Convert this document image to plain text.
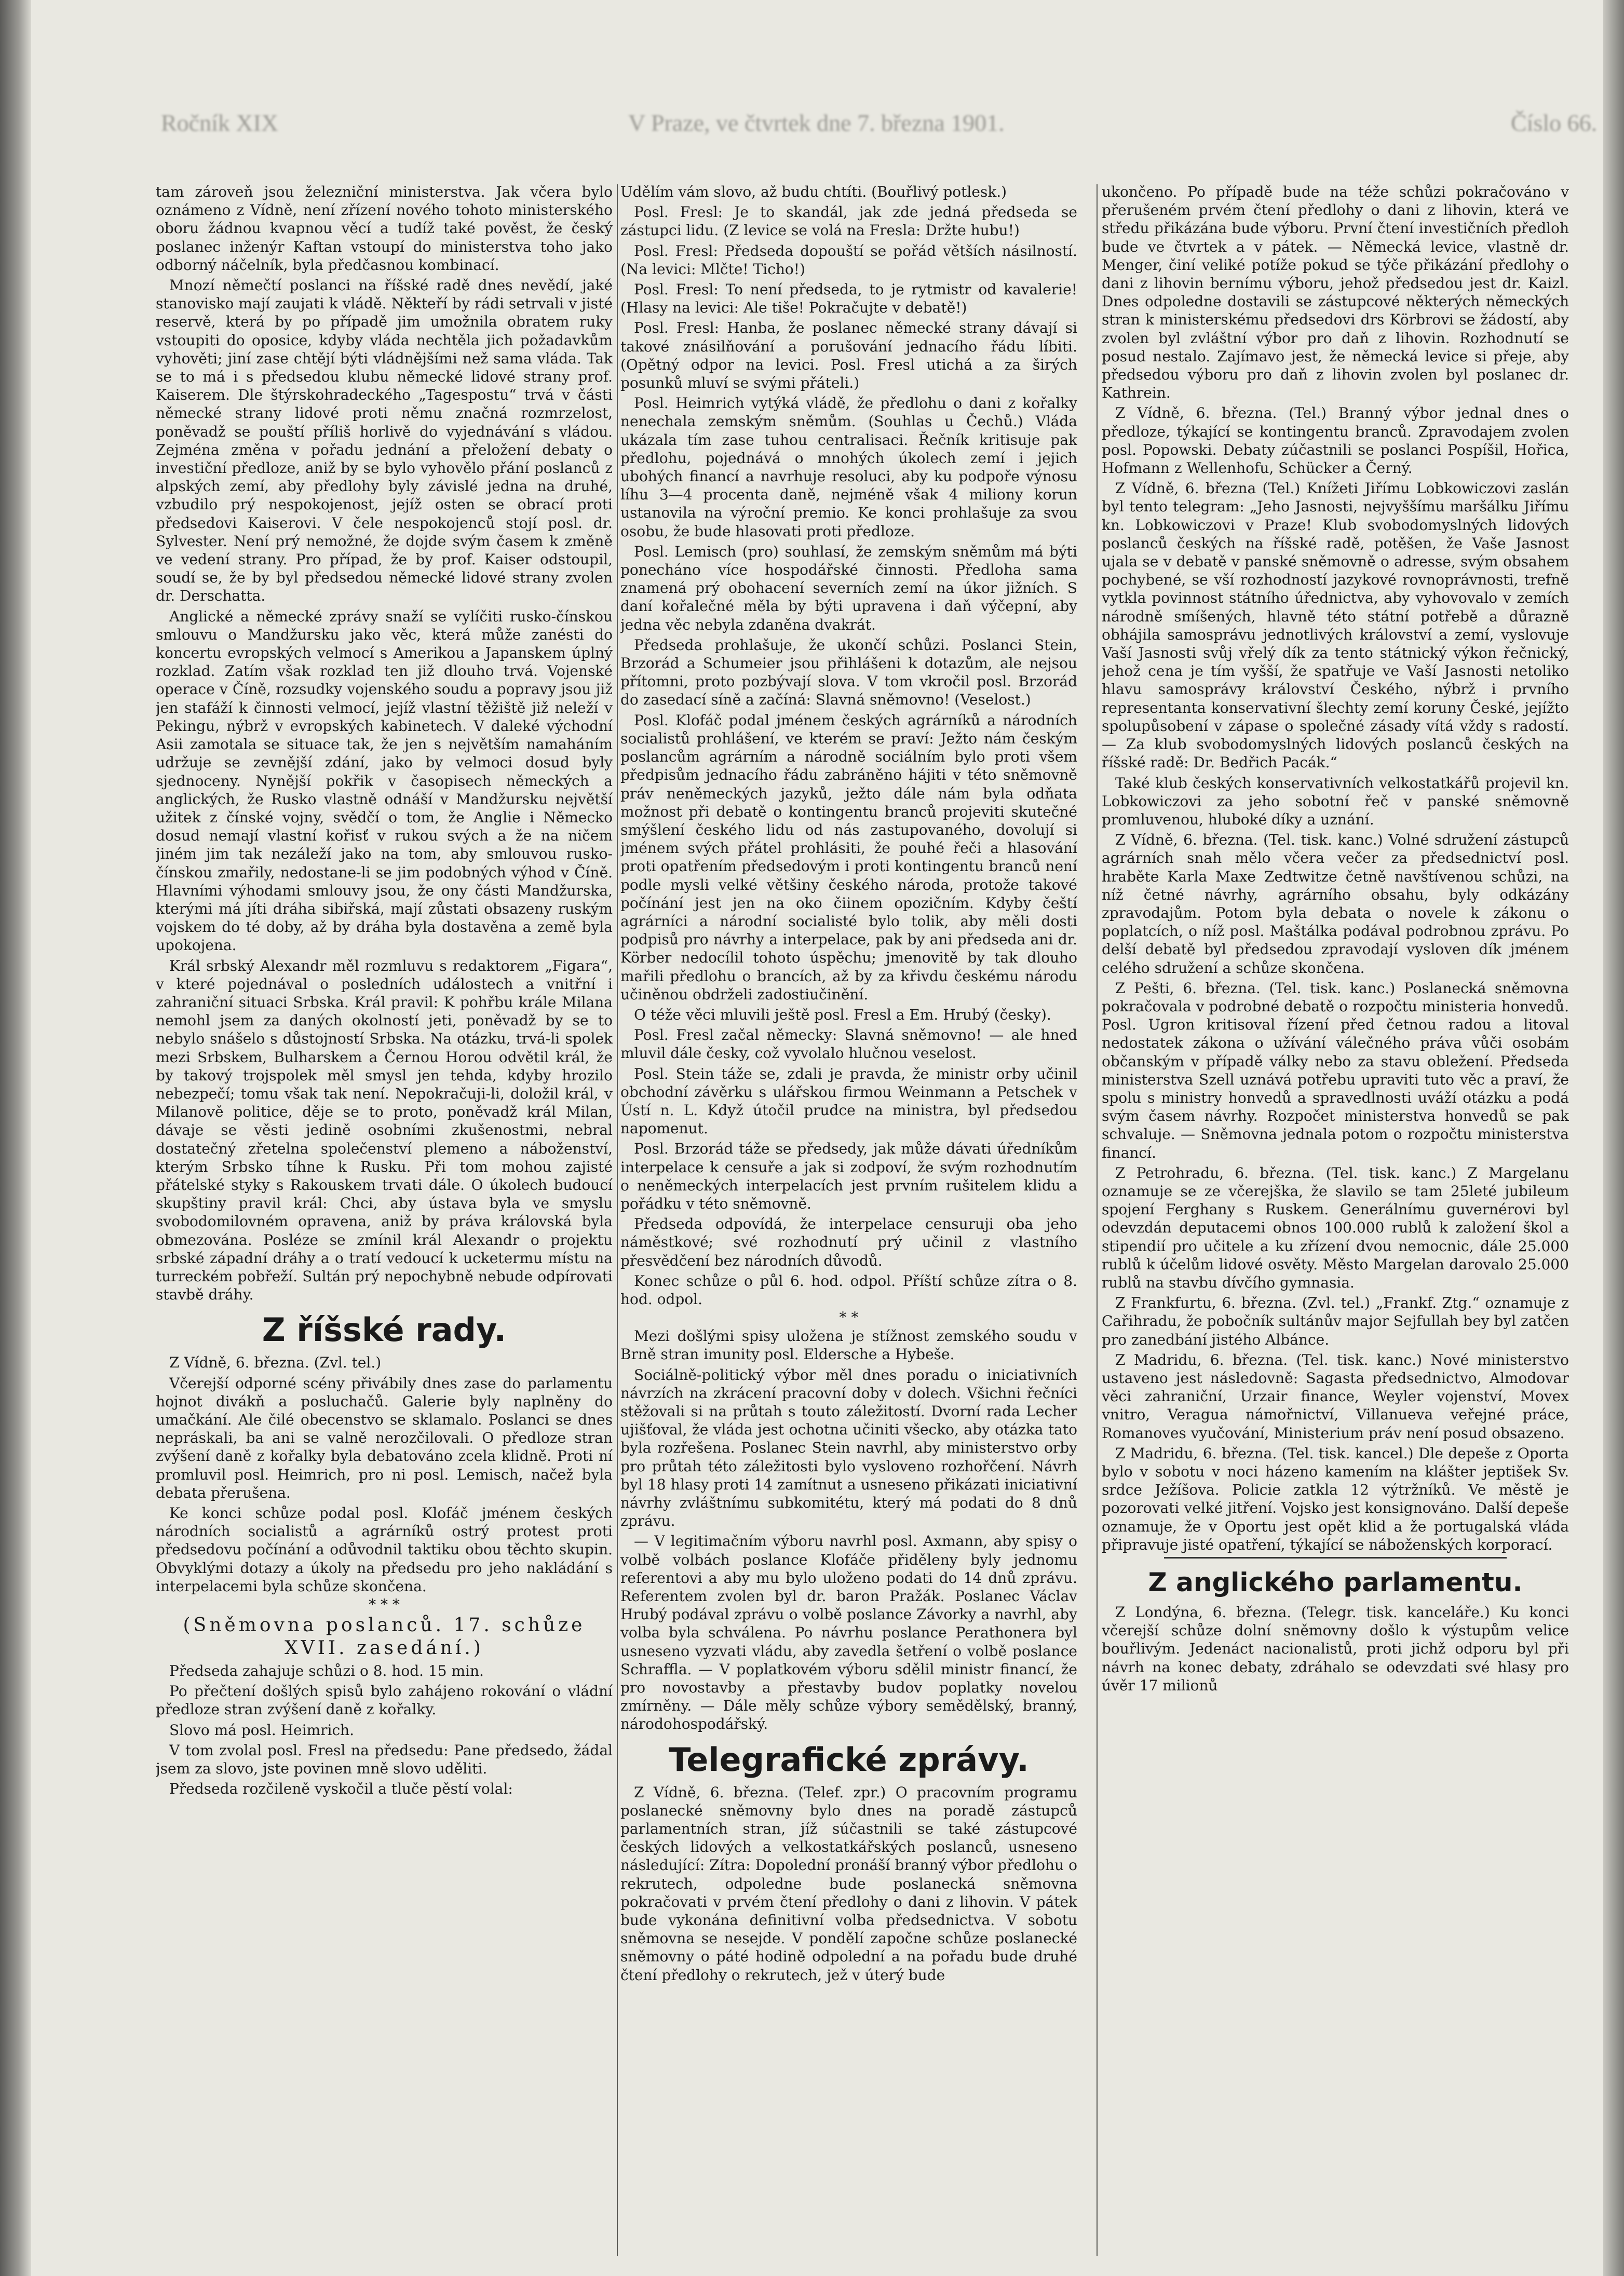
Ročník XIX	V Praze, ve čtvrtek dne 7. března 1901.	Číslo 66.

tam zároveň jsou železniční ministerstva. Jak včera bylo oznámeno z Vídně, není zřízení nového tohoto ministerského oboru žádnou kvapnou věcí a tudíž také pověst, že český poslanec inženýr Kaftan vstoupí do ministerstva toho jako odborný náčelník, byla předčasnou kombinací.

Mnozí němečtí poslanci na říšské radě dnes nevědí, jaké stanovisko mají zaujati k vládě. Někteří by rádi setrvali v jisté reservě, která by po případě jim umožnila obratem ruky vstoupiti do oposice, kdyby vláda nechtěla jich požadavkům vyhověti; jiní zase chtějí býti vládnějšími než sama vláda. Tak se to má i s předsedou klubu německé lidové strany prof. Kaiserem. Dle štýrskohradeckého „Tagespostu“ trvá v části německé strany lidové proti němu značná rozmrzelost, poněvadž se pouští příliš horlivě do vyjednávání s vládou. Zejména změna v pořadu jednání a přeložení debaty o investiční předloze, aniž by se bylo vyhovělo přání poslanců z alpských zemí, aby předlohy byly závislé jedna na druhé, vzbudilo prý nespokojenost, jejíž osten se obrací proti předsedovi Kaiserovi. V čele nespokojenců stojí posl. dr. Sylvester. Není prý nemožné, že dojde svým časem k změně ve vedení strany. Pro případ, že by prof. Kaiser odstoupil, soudí se, že by byl předsedou německé lidové strany zvolen dr. Derschatta.

Anglické a německé zprávy snaží se vylíčiti rusko-čínskou smlouvu o Mandžursku jako věc, která může zanésti do koncertu evropských velmocí s Amerikou a Japanskem úplný rozklad. Zatím však rozklad ten již dlouho trvá. Vojenské operace v Číně, rozsudky vojenského soudu a popravy jsou již jen stafáží k činnosti velmocí, jejíž vlastní těžiště již neleží v Pekingu, nýbrž v evropských kabinetech. V daleké východní Asii zamotala se situace tak, že jen s největším namaháním udržuje se zevnější zdání, jako by velmoci dosud byly sjednoceny. Nynější pokřik v časopisech německých a anglických, že Rusko vlastně odnáší v Mandžursku největší užitek z čínské vojny, svědčí o tom, že Anglie i Německo dosud nemají vlastní kořisť v rukou svých a že na ničem jiném jim tak nezáleží jako na tom, aby smlouvou rusko-čínskou zmařily, nedostane-li se jim podobných výhod v Číně. Hlavními výhodami smlouvy jsou, že ony části Mandžurska, kterými má jíti dráha sibiřská, mají zůstati obsazeny ruským vojskem do té doby, až by dráha byla dostavěna a země byla upokojena.

Král srbský Alexandr měl rozmluvu s redaktorem „Figara“, v které pojednával o posledních událostech a vnitřní i zahraniční situaci Srbska. Král pravil: K pohřbu krále Milana nemohl jsem za daných okolností jeti, poněvadž by se to nebylo snášelo s důstojností Srbska. Na otázku, trvá-li spolek mezi Srbskem, Bulharskem a Černou Horou odvětil král, že by takový trojspolek měl smysl jen tehda, kdyby hrozilo nebezpečí; tomu však tak není. Nepokračuji-li, doložil král, v Milanově politice, děje se to proto, poněvadž král Milan, dávaje se věsti jedině osobními zkušenostmi, nebral dostatečný zřetelna společenství plemeno a náboženství, kterým Srbsko tíhne k Rusku. Při tom mohou zajisté přátelské styky s Rakouskem trvati dále. O úkolech budoucí skupštiny pravil král: Chci, aby ústava byla ve smyslu svobodomilovném opravena, aniž by práva královská byla obmezována. Posléze se zmínil král Alexandr o projektu srbské západní dráhy a o tratí vedoucí k ucketermu místu na turreckém pobřeží. Sultán prý nepochybně nebude odpírovati stavbě dráhy.

Z říšské rady.

Z Vídně, 6. března. (Zvl. tel.)

Včerejší odporné scény přivábily dnes zase do parlamentu hojnot divákň a posluchačů. Galerie byly naplněny do umačkání. Ale čilé obecenstvo se sklamalo. Poslanci se dnes nepráskali, ba ani se valně nerozčilovali. O předloze stran zvýšení daně z kořalky byla debatováno zcela klidně. Proti ní promluvil posl. Heimrich, pro ni posl. Lemisch, načež byla debata přerušena.

Ke konci schůze podal posl. Klofáč jménem českých národních socialistů a agrárníků ostrý protest proti předsedovu počínání a odůvodnil taktiku obou těchto skupin. Obvyklými dotazy a úkoly na předsedu pro jeho nakládání s interpelacemi byla schůze skončena.

* * *

(Sněmovna poslanců. 17. schůze XVII. zasedání.)

Předseda zahajuje schůzi o 8. hod. 15 min.

Po přečtení došlých spisů bylo zahájeno rokování o vládní předloze stran zvýšení daně z kořalky.

Slovo má posl. Heimrich.

V tom zvolal posl. Fresl na předsedu: Pane předsedo, žádal jsem za slovo, jste povinen mně slovo uděliti.

Předseda rozčileně vyskočil a tluče pěstí volal:

Udělím vám slovo, až budu chtíti. (Bouřlivý potlesk.)

Posl. Fresl: Je to skandál, jak zde jedná předseda se zástupci lidu. (Z levice se volá na Fresla: Držte hubu!)

Posl. Fresl: Předseda dopouští se pořád větších násilností. (Na levici: Mlčte! Ticho!)

Posl. Fresl: To není předseda, to je rytmistr od kavalerie! (Hlasy na levici: Ale tiše! Pokračujte v debatě!)

Posl. Fresl: Hanba, že poslanec německé strany dávají si takové znásilňování a porušování jednacího řádu líbiti. (Opětný odpor na levici. Posl. Fresl utichá a za širých posunků mluví se svými přáteli.)

Posl. Heimrich vytýká vládě, že předlohu o dani z kořalky nenechala zemským sněmům. (Souhlas u Čechů.) Vláda ukázala tím zase tuhou centralisaci. Řečník kritisuje pak předlohu, pojednává o mnohých úkolech zemí i jejich ubohých financí a navrhuje resoluci, aby ku podpoře výnosu líhu 3—4 procenta daně, nejméně však 4 miliony korun ustanovila na výroční premio. Ke konci prohlašuje za svou osobu, že bude hlasovati proti předloze.

Posl. Lemisch (pro) souhlasí, že zemským sněmům má býti ponecháno více hospodářské činnosti. Předloha sama znamená prý obohacení severních zemí na úkor jižních. S daní kořalečné měla by býti upravena i daň výčepní, aby jedna věc nebyla zdaněna dvakrát.

Předseda prohlašuje, že ukončí schůzi. Poslanci Stein, Brzorád a Schumeier jsou přihlášeni k dotazům, ale nejsou přítomni, proto pozbývají slova. V tom vkročil posl. Brzorád do zasedací síně a začíná: Slavná sněmovno! (Veselost.)

Posl. Klofáč podal jménem českých agrárníků a národních socialistů prohlášení, ve kterém se praví: Ježto nám českým poslancům agrárním a národně sociálním bylo proti všem předpisům jednacího řádu zabráněno hájiti v této sněmovně práv neněmeckých jazyků, ježto dále nám byla odňata možnost při debatě o kontingentu branců projeviti skutečné smýšlení českého lidu od nás zastupovaného, dovolují si jménem svých přátel prohlásiti, že pouhé řeči a hlasování proti opatřením předsedovým i proti kontingentu branců není podle mysli velké většiny českého národa, protože takové počínání jest jen na oko čiinem opozičním. Kdyby čeští agrárníci a národní socialisté bylo tolik, aby měli dosti podpisů pro návrhy a interpelace, pak by ani předseda ani dr. Körber nedocílil tohoto úspěchu; jmenovitě by tak dlouho mařili předlohu o brancích, až by za křivdu českému národu učiněnou obdrželi zadostiučinění.

O téže věci mluvili ještě posl. Fresl a Em. Hrubý (česky).

Posl. Fresl začal německy: Slavná sněmovno! — ale hned mluvil dále česky, což vyvolalo hlučnou veselost.

Posl. Stein táže se, zdali je pravda, že ministr orby učinil obchodní závěrku s ulářskou firmou Weinmann a Petschek v Ústí n. L. Když útočil prudce na ministra, byl předsedou napomenut.

Posl. Brzorád táže se předsedy, jak může dávati úředníkům interpelace k censuře a jak si zodpoví, že svým rozhodnutím o neněmeckých interpelacích jest prvním rušitelem klidu a pořádku v této sněmovně.

Předseda odpovídá, že interpelace censuruji oba jeho náměstkové; své rozhodnutí prý učinil z vlastního přesvědčení bez národních důvodů.

Konec schůze o půl 6. hod. odpol. Příští schůze zítra o 8. hod. odpol.

* *

Mezi došlými spisy uložena je stížnost zemského soudu v Brně stran imunity posl. Eldersche a Hybeše.

Sociálně-politický výbor měl dnes poradu o iniciativních návrzích na zkrácení pracovní doby v dolech. Všichni řečníci stěžovali si na průtah s touto záležitostí. Dvorní rada Lecher ujišťoval, že vláda jest ochotna učiniti všecko, aby otázka tato byla rozřešena. Poslanec Stein navrhl, aby ministerstvo orby pro průtah této záležitosti bylo vysloveno rozhořčení. Návrh byl 18 hlasy proti 14 zamítnut a usneseno přikázati iniciativní návrhy zvláštnímu subkomitétu, který má podati do 8 dnů zprávu.

— V legitimačním výboru navrhl posl. Axmann, aby spisy o volbě volbách poslance Klofáče přiděleny byly jednomu referentovi a aby mu bylo uloženo podati do 14 dnů zprávu. Referentem zvolen byl dr. baron Pražák. Poslanec Václav Hrubý podával zprávu o volbě poslance Závorky a navrhl, aby volba byla schválena. Po návrhu poslance Perathonera byl usneseno vyzvati vládu, aby zavedla šetření o volbě poslance Schraffla. — V poplatkovém výboru sdělil ministr financí, že pro novostavby a přestavby budov poplatky novelou zmírněny. — Dále měly schůze výbory semědělský, branný, národohospodářský.

Telegrafické zprávy.

Z Vídně, 6. března. (Telef. zpr.) O pracovním programu poslanecké sněmovny bylo dnes na poradě zástupců parlamentních stran, jíž súčastnili se také zástupcové českých lidových a velkostatkářských poslanců, usneseno následující: Zítra: Dopolední pronáší branný výbor předlohu o rekrutech, odpoledne bude poslanecká sněmovna pokračovati v prvém čtení předlohy o dani z lihovin. V pátek bude vykonána definitivní volba předsednictva. V sobotu sněmovna se nesejde. V pondělí započne schůze poslanecké sněmovny o páté hodině odpolední a na pořadu bude druhé čtení předlohy o rekrutech, jež v úterý bude

ukončeno. Po případě bude na téže schůzi pokračováno v přerušeném prvém čtení předlohy o dani z lihovin, která ve středu přikázána bude výboru. První čtení investičních předloh bude ve čtvrtek a v pátek. — Německá levice, vlastně dr. Menger, činí veliké potíže pokud se týče přikázání předlohy o dani z lihovin bernímu výboru, jehož předsedou jest dr. Kaizl. Dnes odpoledne dostavili se zástupcové některých německých stran k ministerskému předsedovi drs Körbrovi se žádostí, aby zvolen byl zvláštní výbor pro daň z lihovin. Rozhodnutí se posud nestalo. Zajímavo jest, že německá levice si přeje, aby předsedou výboru pro daň z lihovin zvolen byl poslanec dr. Kathrein.

Z Vídně, 6. března. (Tel.) Branný výbor jednal dnes o předloze, týkající se kontingentu branců. Zpravodajem zvolen posl. Popowski. Debaty zúčastnili se poslanci Pospíšil, Hořica, Hofmann z Wellenhofu, Schücker a Černý.

Z Vídně, 6. března (Tel.) Knížeti Jiřímu Lobkowiczovi zaslán byl tento telegram: „Jeho Jasnosti, nejvyššímu maršálku Jiřímu kn. Lobkowiczovi v Praze! Klub svobodomyslných lidových poslanců českých na říšské radě, potěšen, že Vaše Jasnost ujala se v debatě v panské sněmovně o adresse, svým obsahem pochybené, se vší rozhodností jazykové rovnoprávnosti, trefně vytkla povinnost státního úřednictva, aby vyhovovalo v zemích národně smíšených, hlavně této státní potřebě a důrazně obhájila samosprávu jednotlivých království a zemí, vyslovuje Vaší Jasnosti svůj vřelý dík za tento státnický výkon řečnický, jehož cena je tím vyšší, že spatřuje ve Vaší Jasnosti netoliko hlavu samosprávy království Českého, nýbrž i prvního representanta konservativní šlechty zemí koruny České, jejížto spolupůsobení v zápase o společné zásady vítá vždy s radostí. — Za klub svobodomyslných lidových poslanců českých na říšské radě: Dr. Bedřich Pacák.“

Také klub českých konservativních velkostatkářů projevil kn. Lobkowiczovi za jeho sobotní řeč v panské sněmovně promluvenou, hluboké díky a uznání.

Z Vídně, 6. března. (Tel. tisk. kanc.) Volné sdružení zástupců agrárních snah mělo včera večer za předsednictví posl. hraběte Karla Maxe Zedtwitze četně navštívenou schůzi, na níž četné návrhy, agrárního obsahu, byly odkázány zpravodajům. Potom byla debata o novele k zákonu o poplatcích, o níž posl. Maštálka podával podrobnou zprávu. Po delší debatě byl předsedou zpravodají vysloven dík jménem celého sdružení a schůze skončena.

Z Pešti, 6. března. (Tel. tisk. kanc.) Poslanecká sněmovna pokračovala v podrobné debatě o rozpočtu ministeria honvedů. Posl. Ugron kritisoval řízení před četnou radou a litoval nedostatek zákona o užívání válečného práva vůči osobám občanským v případě války nebo za stavu obležení. Předseda ministerstva Szell uznává potřebu upraviti tuto věc a praví, že spolu s ministry honvedů a spravedlnosti uváží otázku a podá svým časem návrhy. Rozpočet ministerstva honvedů se pak schvaluje. — Sněmovna jednala potom o rozpočtu ministerstva financí.

Z Petrohradu, 6. března. (Tel. tisk. kanc.) Z Margelanu oznamuje se ze včerejška, že slavilo se tam 25leté jubileum spojení Ferghany s Ruskem. Generálnímu guvernérovi byl odevzdán deputacemi obnos 100.000 rublů k založení škol a stipendií pro učitele a ku zřízení dvou nemocnic, dále 25.000 rublů k účelům lidové osvěty. Město Margelan darovalo 25.000 rublů na stavbu dívčího gymnasia.

Z Frankfurtu, 6. března. (Zvl. tel.) „Frankf. Ztg.“ oznamuje z Cařihradu, že pobočník sultánův major Sejfullah bey byl zatčen pro zanedbání jistého Albánce.

Z Madridu, 6. března. (Tel. tisk. kanc.) Nové ministerstvo ustaveno jest následovně: Sagasta předsednictvo, Almodovar věci zahraniční, Urzair finance, Weyler vojenství, Movex vnitro, Veragua námořnictví, Villanueva veřejné práce, Romanoves vyučování, Ministerium práv není posud obsazeno.

Z Madridu, 6. března. (Tel. tisk. kancel.) Dle depeše z Oporta bylo v sobotu v noci házeno kamením na klášter jeptišek Sv. srdce Ježíšova. Policie zatkla 12 výtržníků. Ve městě je pozorovati velké jitření. Vojsko jest konsignováno. Další depeše oznamuje, že v Oportu jest opět klid a že portugalská vláda připravuje jisté opatření, týkající se náboženských korporací.

Z anglického parlamentu.

Z Londýna, 6. března. (Telegr. tisk. kanceláře.) Ku konci včerejší schůze dolní sněmovny došlo k výstupům velice bouřlivým. Jedenáct nacionalistů, proti jichž odporu byl při návrh na konec debaty, zdráhalo se odevzdati své hlasy pro úvěr 17 milionů
